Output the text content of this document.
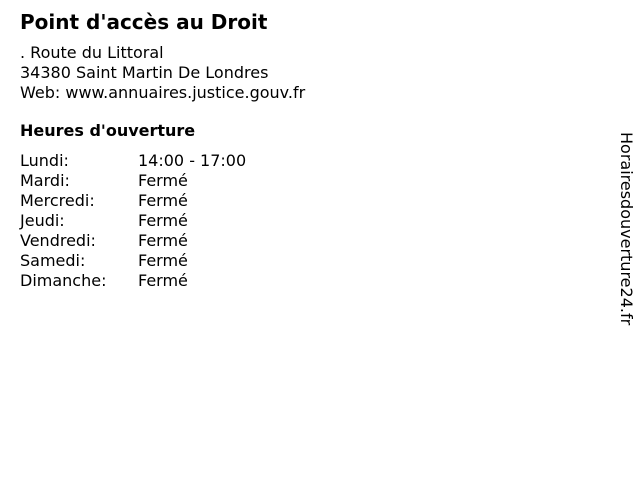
Point d'accès au Droit
. Route du Littoral
34380 Saint Martin De Londres
Web: www.annuaires.justice.gouv.fr
Heures d'ouverture
Lundi:	14:00 - 17:00
Mardi:	Fermé
Mercredi:	Fermé
Jeudi:	Fermé
Vendredi:	Fermé
Samedi:	Fermé
Dimanche:	Fermé	Horairesdouverture24.fr
